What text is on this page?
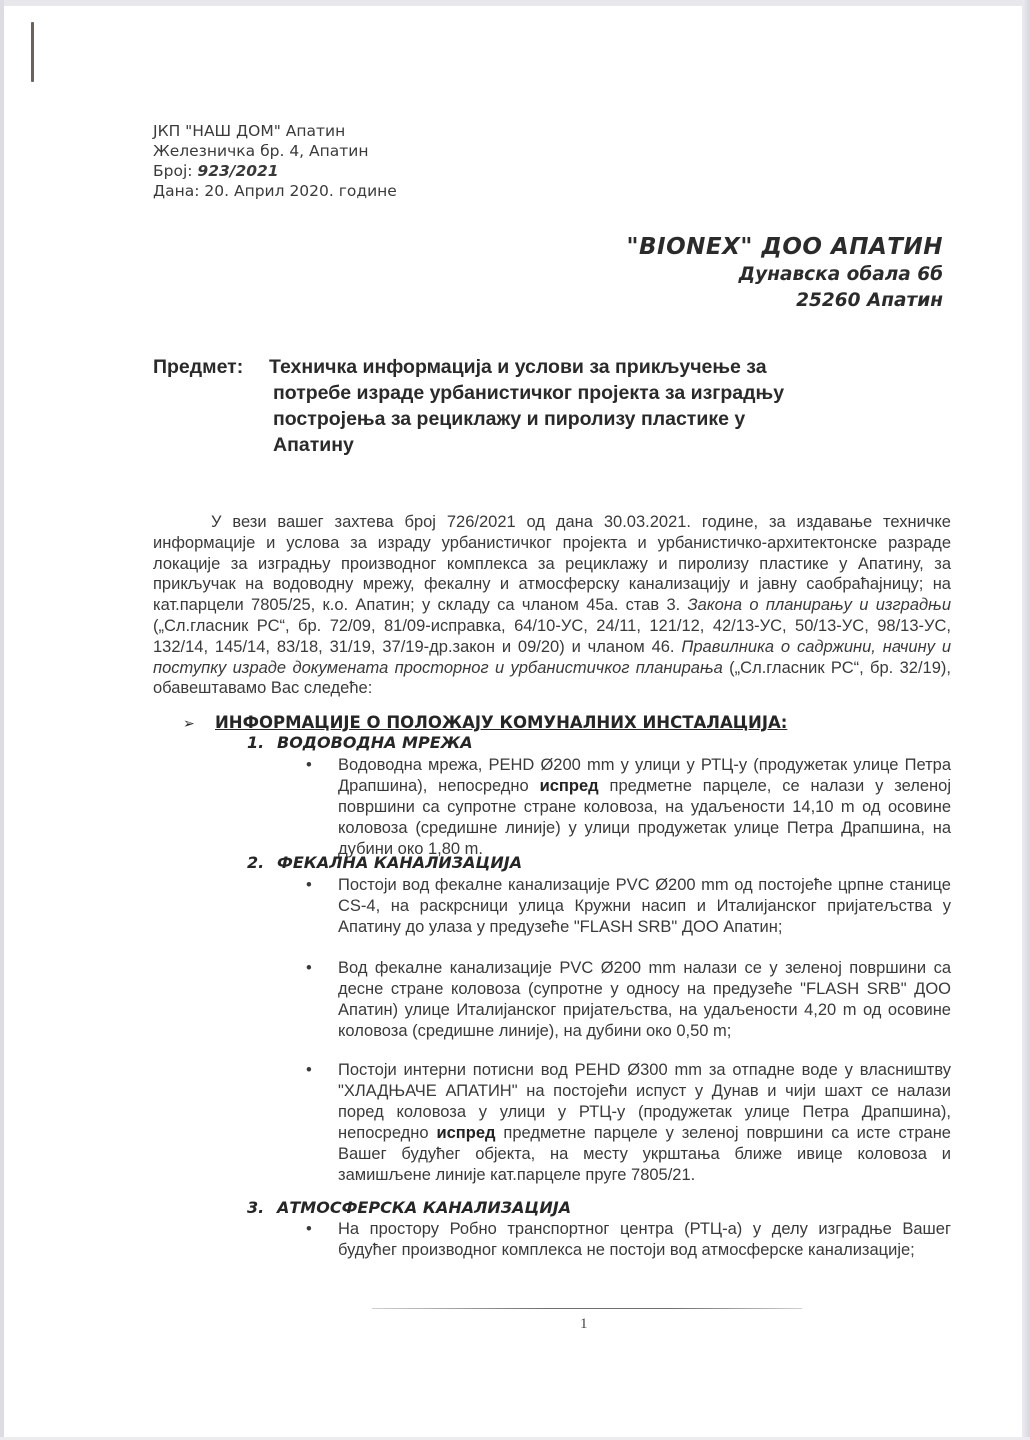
ЈКП "НАШ ДОМ" Апатин
Железничка бр. 4, Апатин
Број: 923/2021
Дана: 20. Април 2020. године
"BIONEX" ДОО АПАТИН
Дунавска обала 6б
25260 Апатин
Предмет: Техничка информација и услови за прикључење за
потребе израде урбанистичког пројекта за изградњу
постројења за рециклажу и пиролизу пластике у
Апатину

У вези вашег захтева број 726/2021 од дана 30.03.2021. године, за издавање техничке информације и услова за израду урбанистичког пројекта и урбанистичко-архитектонске разраде локације за изградњу производног комплекса за рециклажу и пиролизу пластике у Апатину, за прикључак на водоводну мрежу, фекалну и атмосферску канализацију и јавну саобраћајницу; на кат.парцели 7805/25, к.о. Апатин; у складу са чланом 45а. став 3. Закона о планирању и изградњи („Сл.гласник РС“, бр. 72/09, 81/09-исправка, 64/10-УС, 24/11, 121/12, 42/13-УС, 50/13-УС, 98/13-УС, 132/14, 145/14, 83/18, 31/19, 37/19-др.закон и 09/20) и чланом 46. Правилника о садржини, начину и поступку израде докумената просторног и урбанистичког планирања („Сл.гласник РС“, бр. 32/19), обавештавамо Вас следеће:

➢ ИНФОРМАЦИЈЕ О ПОЛОЖАЈУ КОМУНАЛНИХ ИНСТАЛАЦИЈА:
1. ВОДОВОДНА МРЕЖА
• Водоводна мрежа, PEHD Ø200 mm у улици у РТЦ-у (продужетак улице Петра Драпшина), непосредно испред предметне парцеле, се налази у зеленој површини са супротне стране коловоза, на удаљености 14,10 m од осовине коловоза (средишне линије) у улици продужетак улице Петра Драпшина, на дубини око 1,80 m.
2. ФЕКАЛНА КАНАЛИЗАЦИЈА
• Постоји вод фекалне канализације PVC Ø200 mm од постојеће црпне станице CS-4, на раскрсници улица Кружни насип и Италијанског пријатељства у Апатину до улаза у предузеће "FLASH SRB" ДОО Апатин;
• Вод фекалне канализације PVC Ø200 mm налази се у зеленој површини са десне стране коловоза (супротне у односу на предузеће "FLASH SRB" ДОО Апатин) улице Италијанског пријатељства, на удаљености 4,20 m од осовине коловоза (средишне линије), на дубини око 0,50 m;
• Постоји интерни потисни вод PEHD Ø300 mm за отпадне воде у власништву "ХЛАДЊАЧЕ АПАТИН" на постојећи испуст у Дунав и чији шахт се налази поред коловоза у улици у РТЦ-у (продужетак улице Петра Драпшина), непосредно испред предметне парцеле у зеленој површини са исте стране Вашег будућег објекта, на месту укрштања ближе ивице коловоза и замишљене линије кат.парцеле пруге 7805/21.
3. АТМОСФЕРСКА КАНАЛИЗАЦИЈА
• На простору Робно транспортног центра (РТЦ-а) у делу изградње Вашег будућег производног комплекса не постоји вод атмосферске канализације;
1
